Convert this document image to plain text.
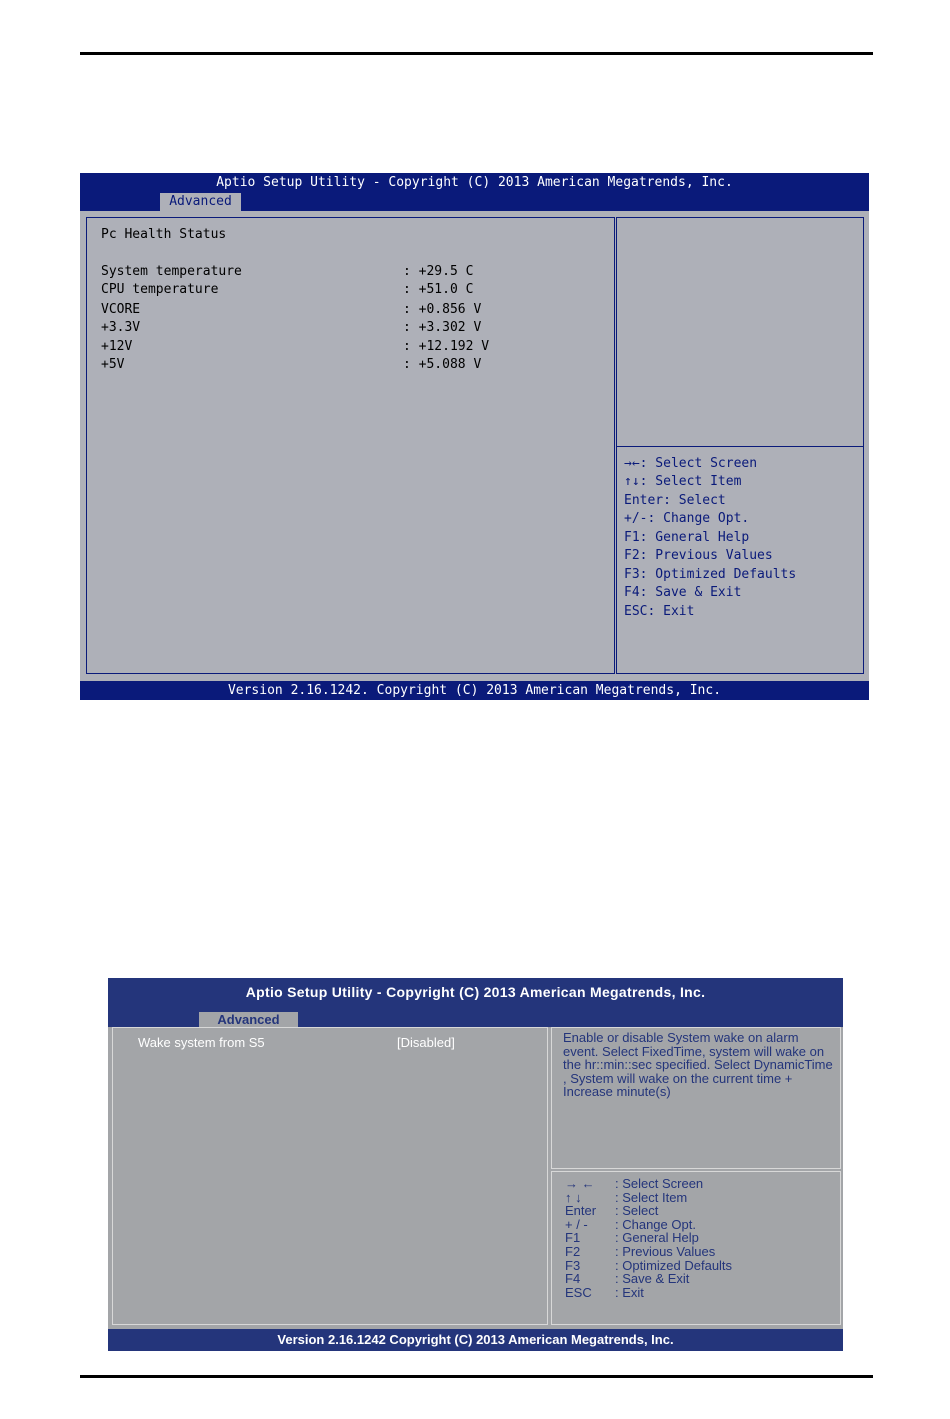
Aptio Setup Utility - Copyright (C) 2013 American Megatrends, Inc.
Advanced
Pc Health Status
System temperature	: +29.5 C
CPU temperature	: +51.0 C
VCORE	: +0.856 V
+3.3V	: +3.302 V
+12V	: +12.192 V
+5V	: +5.088 V
→←: Select Screen
↑↓: Select Item
Enter: Select
+/-: Change Opt.
F1: General Help
F2: Previous Values
F3: Optimized Defaults
F4: Save & Exit
ESC: Exit
Version 2.16.1242. Copyright (C) 2013 American Megatrends, Inc.
Aptio Setup Utility - Copyright (C) 2013 American Megatrends, Inc.
Advanced
Wake system from S5	[Disabled]	Enable or disable System wake on alarm event. Select FixedTime, system will wake on the hr::min::sec specified. Select DynamicTime , System will wake on the current time + Increase minute(s)
→ ← : Select Screen
↑ ↓	: Select Item
Enter : Select
+ / - : Change Opt.
F1	: General Help
F2	: Previous Values
F3	: Optimized Defaults
F4	: Save & Exit
ESC : Exit
Version 2.16.1242 Copyright (C) 2013 American Megatrends, Inc.
